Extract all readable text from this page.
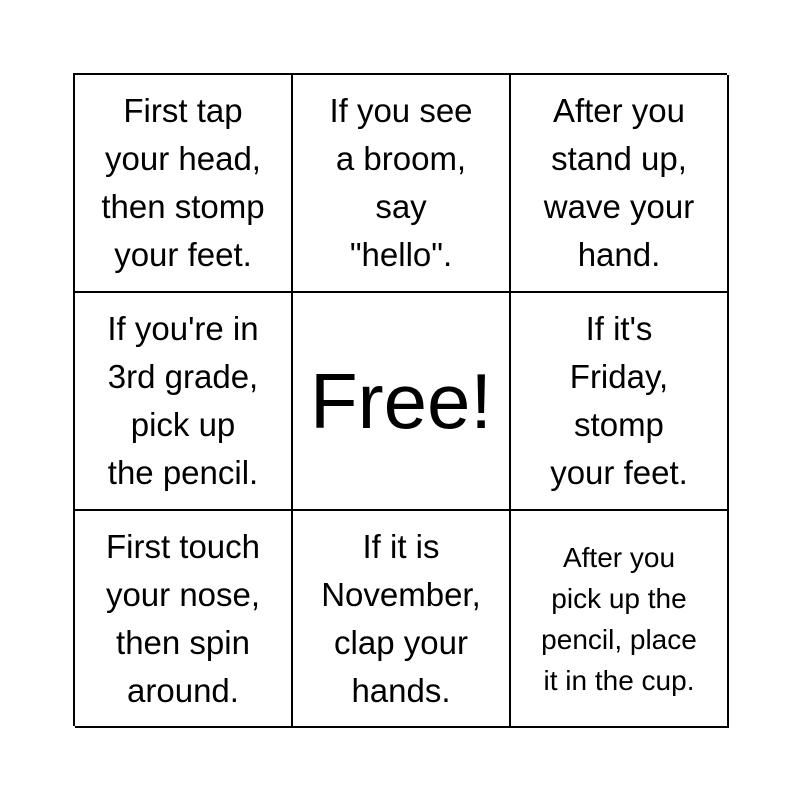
First tap
your head,
then stomp
your feet.
If you see
a broom,
say
"hello".
After you
stand up,
wave your
hand.
If you're in
3rd grade,
pick up
the pencil.
Free!
If it's
Friday,
stomp
your feet.
First touch
your nose,
then spin
around.
If it is
November,
clap your
hands.
After you
pick up the
pencil, place
it in the cup.
